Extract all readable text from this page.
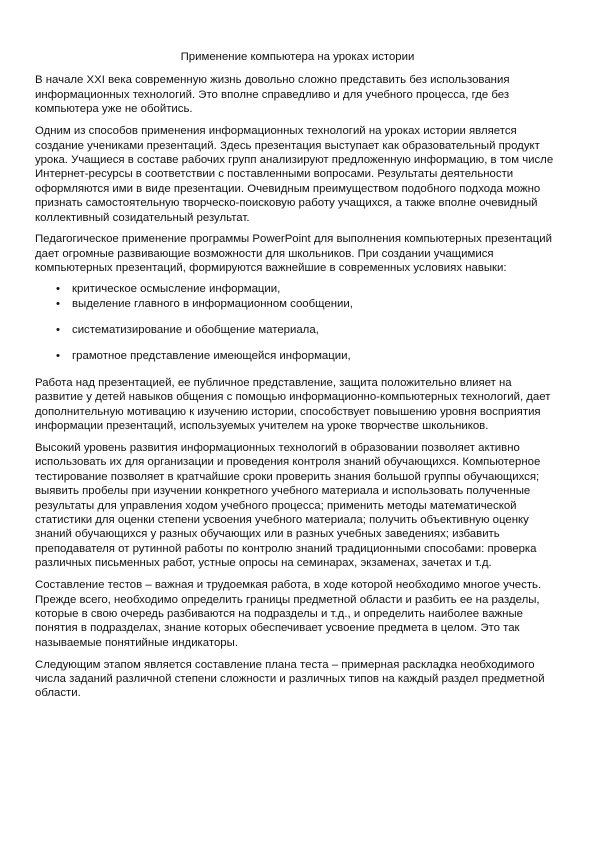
Применение компьютера на уроках истории

В начале XXI века современную жизнь довольно сложно представить без использования информационных технологий. Это вполне справедливо и для учебного процесса, где без компьютера уже не обойтись.

Одним из способов применения информационных технологий на уроках истории является создание учениками презентаций. Здесь презентация выступает как образовательный продукт урока. Учащиеся в составе рабочих групп анализируют предложенную информацию, в том числе Интернет-ресурсы в соответствии с поставленными вопросами. Результаты деятельности оформляются ими в виде презентации. Очевидным преимуществом подобного подхода можно признать самостоятельную творческо-поисковую работу учащихся, а также вполне очевидный коллективный созидательный результат.

Педагогическое применение программы PowerPoint для выполнения компьютерных презентаций дает огромные развивающие возможности для школьников. При создании учащимися компьютерных презентаций, формируются важнейшие в современных условиях навыки:

• критическое осмысление информации,
• выделение главного в информационном сообщении,
• систематизирование и обобщение материала,
• грамотное представление имеющейся информации,

Работа над презентацией, ее публичное представление, защита положительно влияет на развитие у детей навыков общения с помощью информационно-компьютерных технологий, дает дополнительную мотивацию к изучению истории, способствует повышению уровня восприятия информации презентаций, используемых учителем на уроке творчестве школьников.

Высокий уровень развития информационных технологий в образовании позволяет активно использовать их для организации и проведения контроля знаний обучающихся. Компьютерное тестирование позволяет в кратчайшие сроки проверить знания большой группы обучающихся; выявить пробелы при изучении конкретного учебного материала и использовать полученные результаты для управления ходом учебного процесса; применить методы математической статистики для оценки степени усвоения учебного материала; получить объективную оценку знаний обучающихся у разных обучающих или в разных учебных заведениях; избавить преподавателя от рутинной работы по контролю знаний традиционными способами: проверка различных письменных работ, устные опросы на семинарах, экзаменах, зачетах и т.д.

Составление тестов – важная и трудоемкая работа, в ходе которой необходимо многое учесть. Прежде всего, необходимо определить границы предметной области и разбить ее на разделы, которые в свою очередь разбиваются на подразделы и т.д., и определить наиболее важные понятия в подразделах, знание которых обеспечивает усвоение предмета в целом. Это так называемые понятийные индикаторы.

Следующим этапом является составление плана теста – примерная раскладка необходимого числа заданий различной степени сложности и различных типов на каждый раздел предметной области.
